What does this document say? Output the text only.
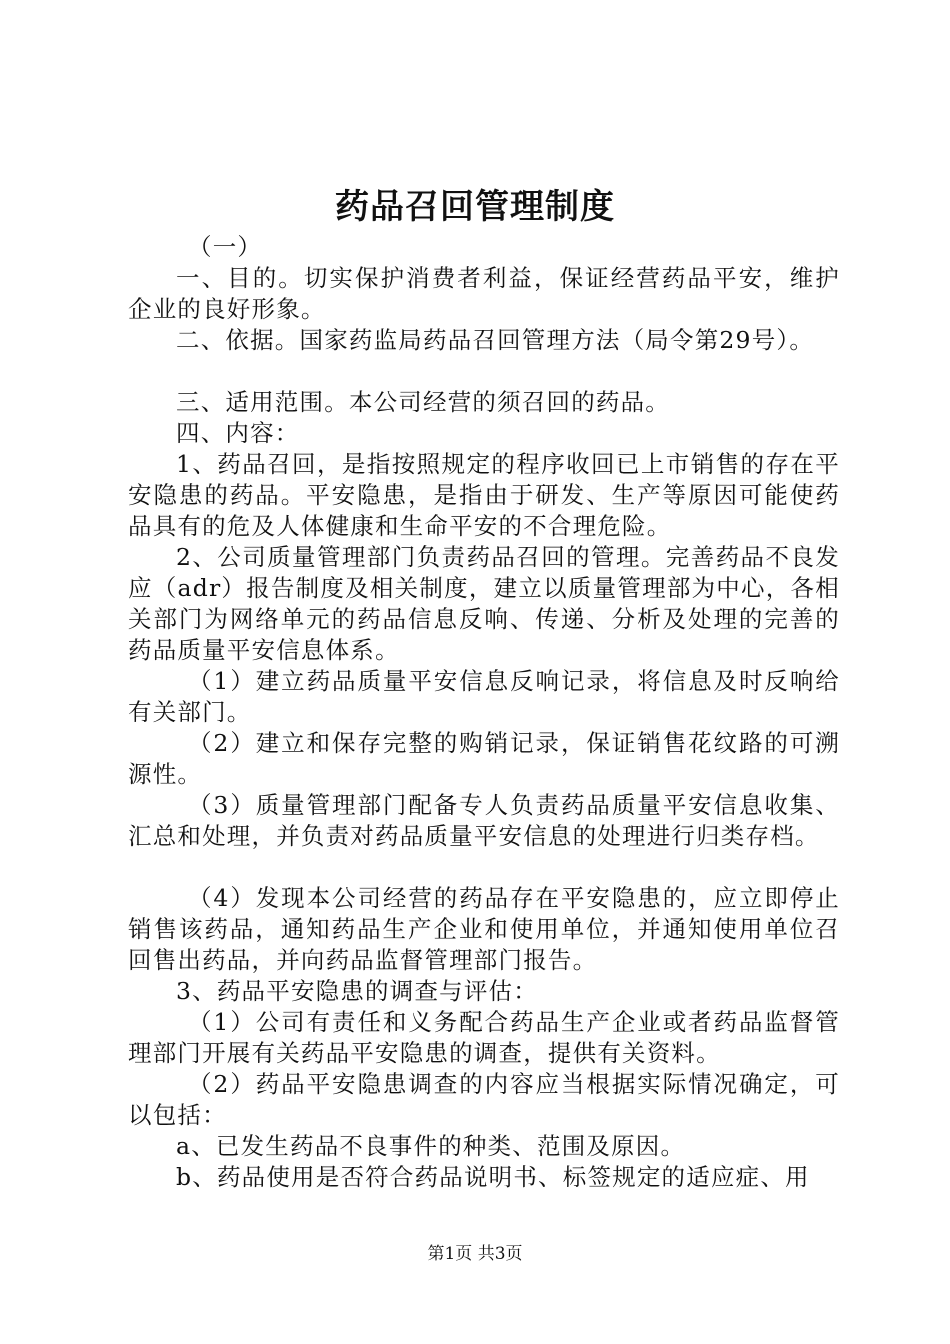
药品召回管理制度

（一）

一、目的。切实保护消费者利益，保证经营药品平安，维护企业的良好形象。

二、依据。国家药监局药品召回管理方法（局令第29号）。

三、适用范围。本公司经营的须召回的药品。

四、内容：

1、药品召回，是指按照规定的程序收回已上市销售的存在平安隐患的药品。平安隐患，是指由于研发、生产等原因可能使药品具有的危及人体健康和生命平安的不合理危险。

2、公司质量管理部门负责药品召回的管理。完善药品不良发应（adr）报告制度及相关制度，建立以质量管理部为中心，各相关部门为网络单元的药品信息反响、传递、分析及处理的完善的药品质量平安信息体系。

（1）建立药品质量平安信息反响记录，将信息及时反响给有关部门。

（2）建立和保存完整的购销记录，保证销售花纹路的可溯源性。

（3）质量管理部门配备专人负责药品质量平安信息收集、汇总和处理，并负责对药品质量平安信息的处理进行归类存档。

（4）发现本公司经营的药品存在平安隐患的，应立即停止销售该药品，通知药品生产企业和使用单位，并通知使用单位召回售出药品，并向药品监督管理部门报告。

3、药品平安隐患的调查与评估：

（1）公司有责任和义务配合药品生产企业或者药品监督管理部门开展有关药品平安隐患的调查，提供有关资料。

（2）药品平安隐患调查的内容应当根据实际情况确定，可以包括：

a、已发生药品不良事件的种类、范围及原因。

b、药品使用是否符合药品说明书、标签规定的适应症、用

第1页 共3页
